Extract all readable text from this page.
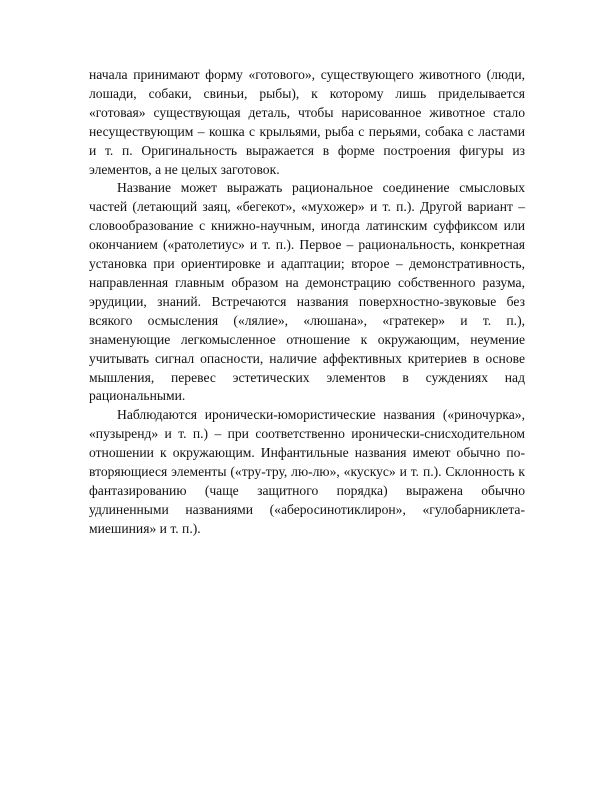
начала принимают форму «готового», существующего животного (люди, лошади, собаки, свиньи, рыбы), к которому лишь приделывается «готовая» существующая деталь, чтобы нарисованное животное стало несуществующим – кошка с крыльями, рыба с перьями, собака с ластами и т. п. Оригинальность выражается в форме построения фигуры из элементов, а не целых заготовок.

Название может выражать рациональное соединение смысловых частей (летающий заяц, «бегекот», «мухожер» и т. п.). Другой вариант – словообразование с книжно-научным, иногда латинским суффиксом или окончанием («ратолетиус» и т. п.). Первое – рациональность, конкретная установка при ориентировке и адаптации; второе – демонстративность, направленная главным образом на демонстрацию собственного разума, эрудиции, знаний. Встречаются названия поверхностно-звуковые без всякого осмысления («лялие», «люшана», «гратекер» и т. п.), знаменующие легкомысленное отношение к окружающим, неумение учитывать сигнал опасности, наличие аффективных критериев в основе мышления, перевес эстетических элементов в суждениях над рациональными.

Наблюдаются иронически-юмористические названия («риночурка», «пузыренд» и т. п.) – при соответственно иронически-снисходительном отношении к окружающим. Инфантильные названия имеют обычно повторяющиеся элементы («тру-тру, лю-лю», «кускус» и т. п.). Склонность к фантазированию (чаще защитного порядка) выражена обычно удлиненными названиями («аберосинотиклирон», «гулобарниклета-миешиния» и т. п.).
